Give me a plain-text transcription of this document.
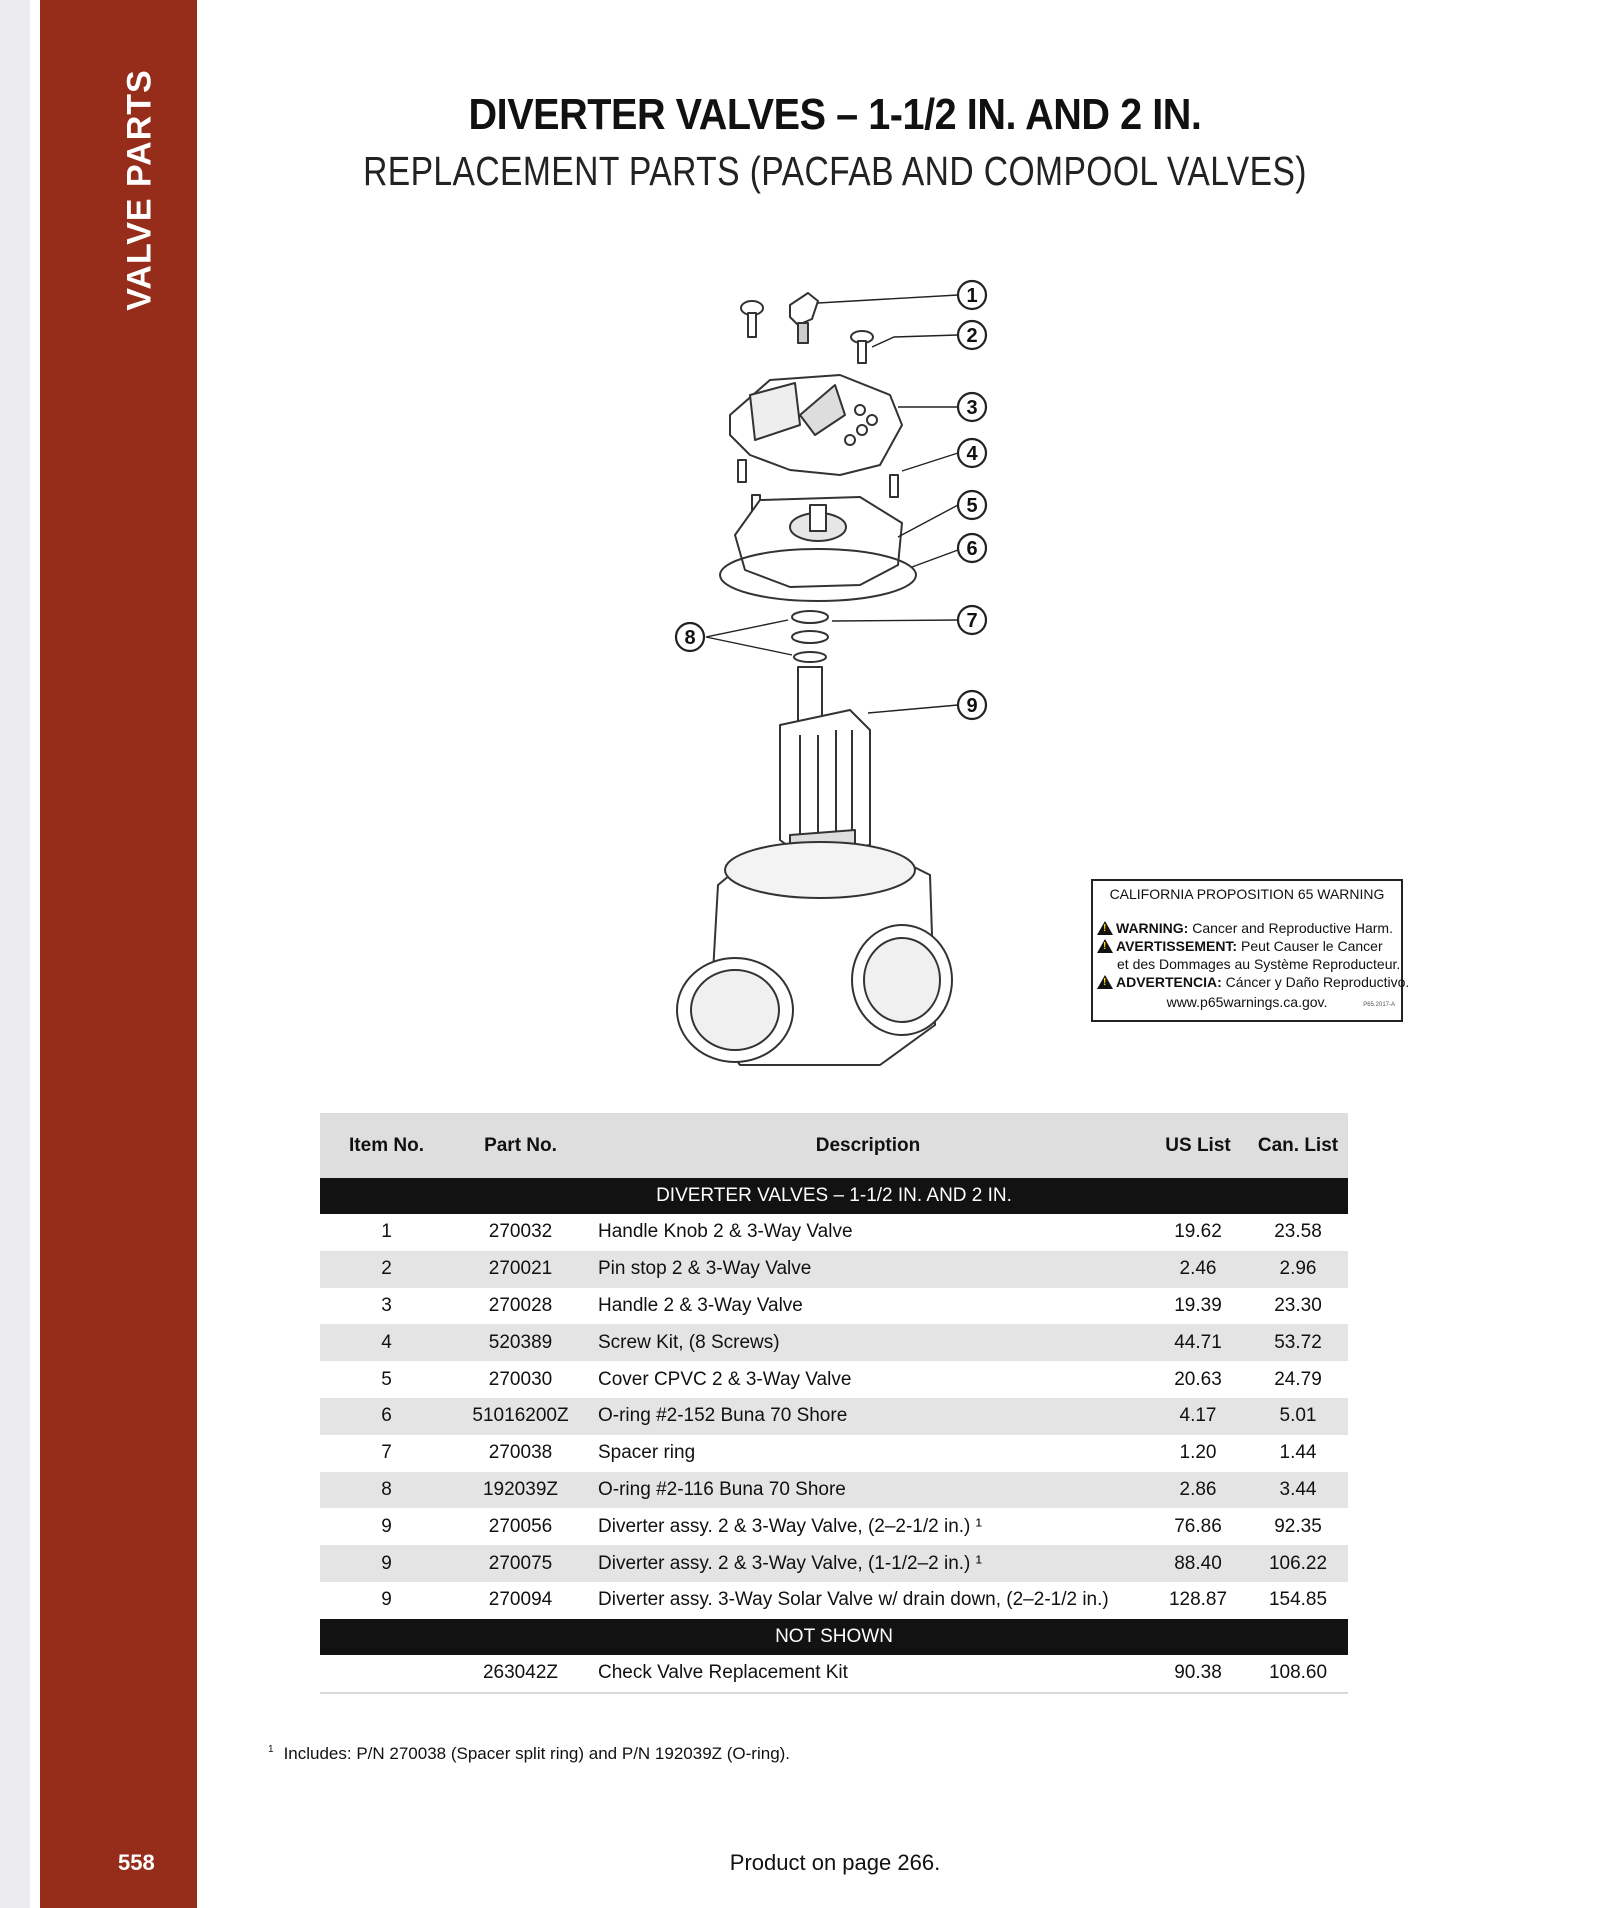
VALVE PARTS
558
DIVERTER VALVES – 1-1/2 IN. AND 2 IN.
REPLACEMENT PARTS (PACFAB AND COMPOOL VALVES)
1
2
3
4
5
6
7
8
9
CALIFORNIA PROPOSITION 65 WARNING
!WARNING: Cancer and Reproductive Harm.
!AVERTISSEMENT: Peut Causer le Cancer
et des Dommages au Système Reproducteur.
!ADVERTENCIA: Cáncer y Daño Reproductivo.
www.p65warnings.ca.gov.	P65.2017-A
Item No.	Part No.	Description	US List	Can. List
DIVERTER VALVES – 1-1/2 IN. AND 2 IN.				
1	270032	Handle Knob 2 & 3-Way Valve	19.62	23.58
2	270021	Pin stop 2 & 3-Way Valve	2.46	2.96
3	270028	Handle 2 & 3-Way Valve	19.39	23.30
4	520389	Screw Kit, (8 Screws)	44.71	53.72
5	270030	Cover CPVC 2 & 3-Way Valve	20.63	24.79
6	51016200Z	O-ring #2-152 Buna 70 Shore	4.17	5.01
7	270038	Spacer ring	1.20	1.44
8	192039Z	O-ring #2-116 Buna 70 Shore	2.86	3.44
9	270056	Diverter assy. 2 & 3-Way Valve, (2–2-1/2 in.) ¹	76.86	92.35
9	270075	Diverter assy. 2 & 3-Way Valve, (1-1/2–2 in.) ¹	88.40	106.22
9	270094	Diverter assy. 3-Way Solar Valve w/ drain down, (2–2-1/2 in.)	128.87	154.85
NOT SHOWN				
	263042Z	Check Valve Replacement Kit	90.38	108.60
$^1$ Includes: P/N 270038 (Spacer split ring) and P/N 192039Z (O-ring).
Product on page 266.
